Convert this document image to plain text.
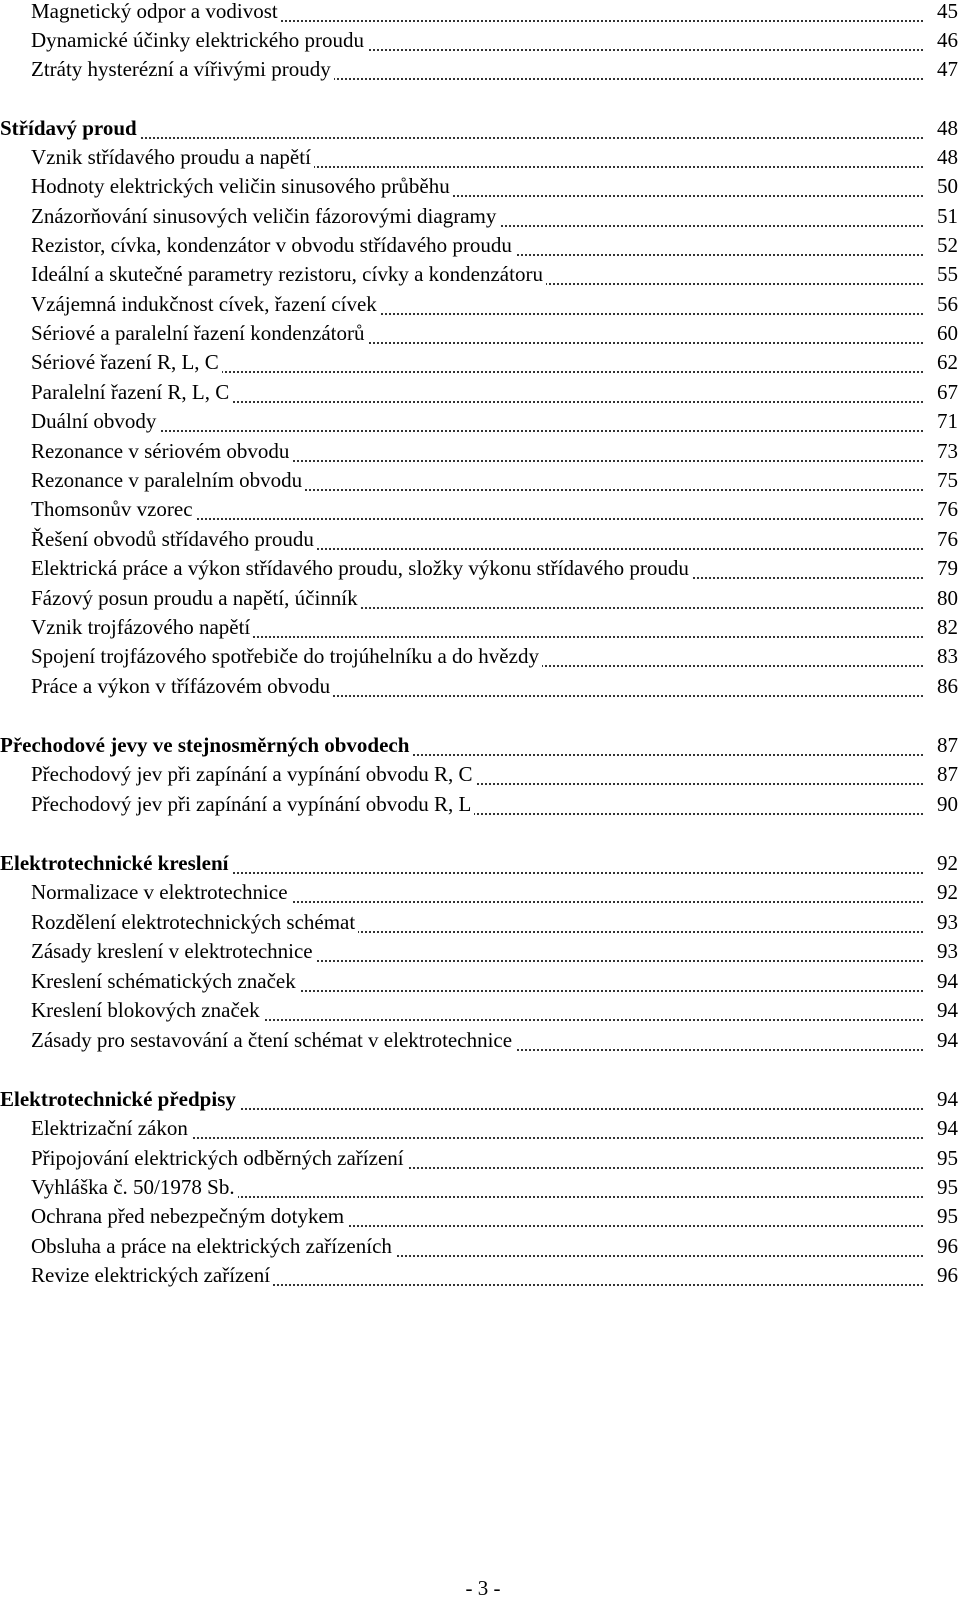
Magnetický odpor a vodivost	45
Dynamické účinky elektrického proudu	46
Ztráty hysterézní a vířivými proudy	47
Střídavý proud	48
Vznik střídavého proudu a napětí	48
Hodnoty elektrických veličin sinusového průběhu	50
Znázorňování sinusových veličin fázorovými diagramy	51
Rezistor, cívka, kondenzátor v obvodu střídavého proudu	52
Ideální a skutečné parametry rezistoru, cívky a kondenzátoru	55
Vzájemná indukčnost cívek, řazení cívek	56
Sériové a paralelní řazení kondenzátorů	60
Sériové řazení R, L, C	62
Paralelní řazení R, L, C	67
Duální obvody	71
Rezonance v sériovém obvodu	73
Rezonance v paralelním obvodu	75
Thomsonův vzorec	76
Řešení obvodů střídavého proudu	76
Elektrická práce a výkon střídavého proudu, složky výkonu střídavého proudu	79
Fázový posun proudu a napětí, účinník	80
Vznik trojfázového napětí	82
Spojení trojfázového spotřebiče do trojúhelníku a do hvězdy	83
Práce a výkon v třífázovém obvodu	86
Přechodové jevy ve stejnosměrných obvodech	87
Přechodový jev při zapínání a vypínání obvodu R, C	87
Přechodový jev při zapínání a vypínání obvodu R, L	90
Elektrotechnické kreslení	92
Normalizace v elektrotechnice	92
Rozdělení elektrotechnických schémat	93
Zásady kreslení v elektrotechnice	93
Kreslení schématických značek	94
Kreslení blokových značek	94
Zásady pro sestavování a čtení schémat v elektrotechnice	94
Elektrotechnické předpisy	94
Elektrizační zákon	94
Připojování elektrických odběrných zařízení	95
Vyhláška č. 50/1978 Sb.	95
Ochrana před nebezpečným dotykem	95
Obsluha a práce na elektrických zařízeních	96
Revize elektrických zařízení	96
- 3 -
